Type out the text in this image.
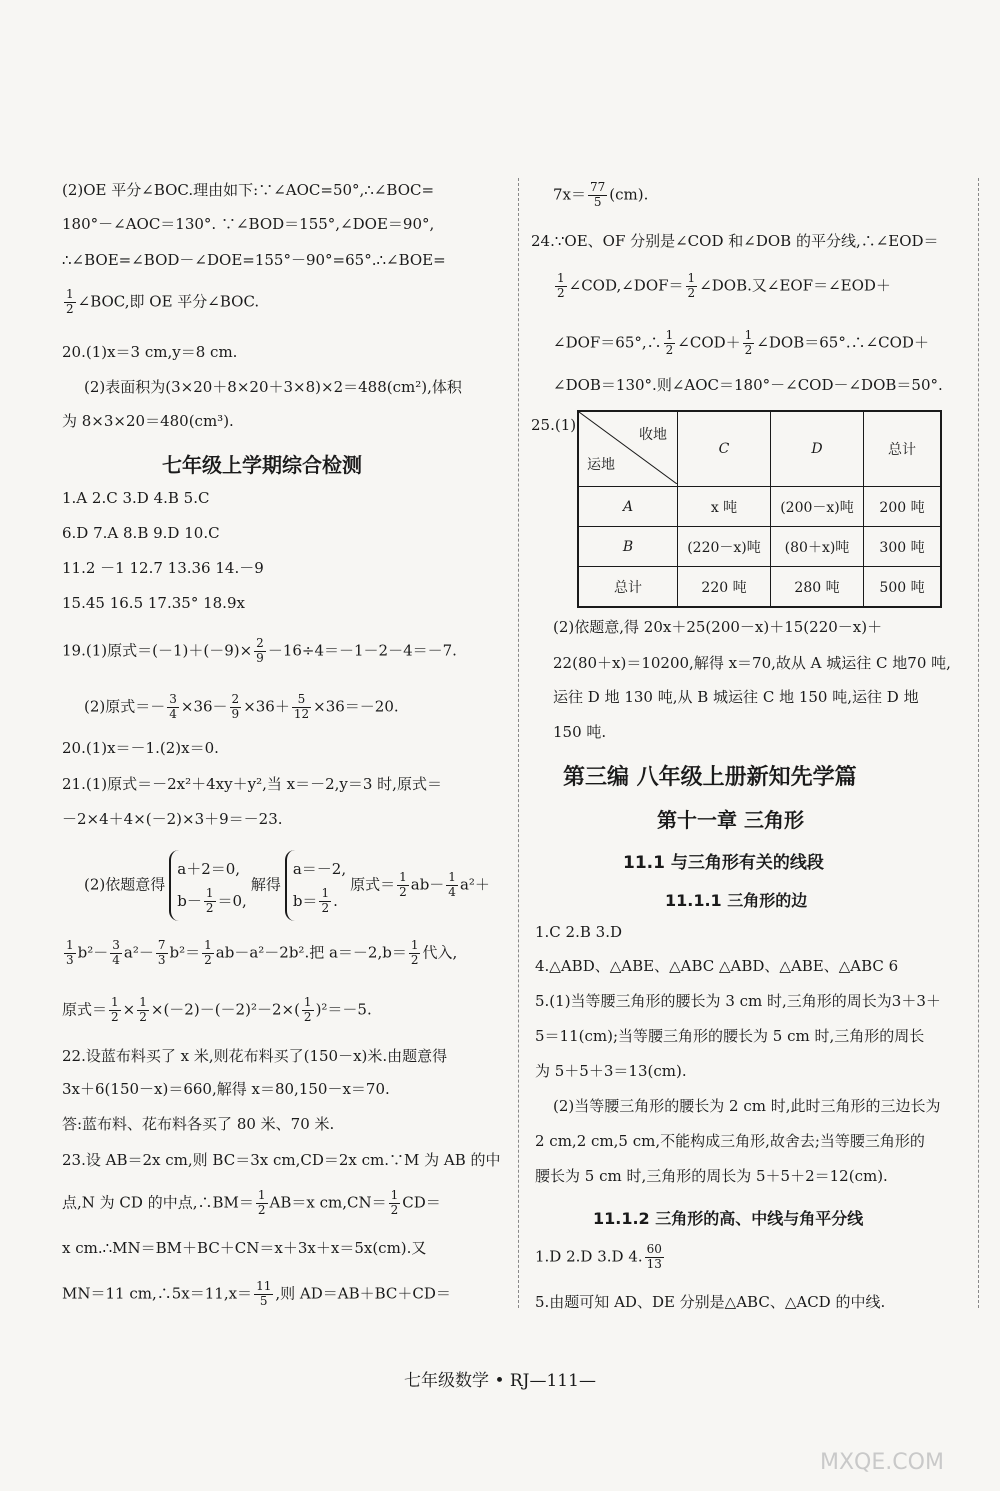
(2)OE 平分∠BOC.理由如下:∵∠AOC=50°,∴∠BOC=
180°－∠AOC＝130°. ∵∠BOD＝155°,∠DOE＝90°,
∴∠BOE=∠BOD－∠DOE=155°－90°=65°.∴∠BOE=
$\frac{1}{2}$ ∠BOC,即 OE 平分∠BOC.
20.(1)x＝3 cm,y＝8 cm.
(2)表面积为(3×20＋8×20＋3×8)×2＝488(cm²),体积
为 8×3×20＝480(cm³).
七年级上学期综合检测
1.A 2.C 3.D 4.B 5.C
6.D 7.A 8.B 9.D 10.C
11.2 －1 12.7 13.36 14.－9
15.45 16.5 17.35° 18.9x
19.(1)原式$=(-1)+(-9)\times \frac{2}{9} -16\div 4=-1-2-4=-7$.
(2)原式＝－ $\frac{3}{4} \times 36- \frac{2}{9} \times 36+ \frac{5}{12} \times 36=-20$.
20.(1)x＝－1.(2)x＝0.
21.(1)原式＝－2x²＋4xy＋y²,当 x＝－2,y＝3 时,原式＝
－2×4＋4×(－2)×3＋9＝－23.
(2)依题意得
a＋2＝0,
$b- \frac{1}{2} =0$,
解得
a＝－2,
$b= \frac{1}{2}$ .
原式＝ $\frac{1}{2} ab- \frac{1}{4} a^2+$
$\frac{1}{3} b^2- \frac{3}{4} a^2- \frac{7}{3} b^2= \frac{1}{2} ab-a^2-2b^2$.把 $a=-2,b= \frac{1}{2}$ 代入,
原式＝ $\frac{1}{2} \times \frac{1}{2} \times(-2)-(-2)^2-2\times( \frac{1}{2} )^2=-5$.
22.设蓝布料买了 x 米,则花布料买了(150－x)米.由题意得
3x＋6(150－x)＝660,解得 x＝80,150－x＝70.
答:蓝布料、花布料各买了 80 米、70 米.
23.设 AB＝2x cm,则 BC＝3x cm,CD＝2x cm.∵M 为 AB 的中
点,N 为 CD 的中点,∴BM＝ $\frac{1}{2} AB=x$ $cm,CN= \frac{1}{2} CD=$
x cm.∴MN＝BM＋BC＋CN＝x＋3x＋x＝5x(cm).又
MN＝11 cm,∴5x＝11,x＝ $\frac{11}{5}$ ,则 AD＝AB＋BC＋CD＝
$7x= \frac{77}{5} (cm)$.
24.∵OE、OF 分别是∠COD 和∠DOB 的平分线,∴∠EOD＝
$\frac{1}{2}$ ∠COD,∠DOF＝ $\frac{1}{2}$ ∠DOB.又∠EOF＝∠EOD＋
∠DOF＝65°,∴ $\frac{1}{2}$ ∠COD＋ $\frac{1}{2}$ ∠DOB＝65°.∴∠COD＋
∠DOB＝130°.则∠AOC＝180°－∠COD－∠DOB＝50°.
25.(1)
收地
运地	C	D	总计
A	x 吨	(200－x)吨	200 吨
B	(220－x)吨	(80＋x)吨	300 吨
总计	220 吨	280 吨	500 吨
(2)依题意,得 20x＋25(200－x)＋15(220－x)＋
22(80＋x)＝10200,解得 x＝70,故从 A 城运往 C 地70 吨,
运往 D 地 130 吨,从 B 城运往 C 地 150 吨,运往 D 地
150 吨.
第三编 八年级上册新知先学篇
第十一章 三角形
11.1 与三角形有关的线段
11.1.1 三角形的边
1.C 2.B 3.D
4.△ABD、△ABE、△ABC △ABD、△ABE、△ABC 6
5.(1)当等腰三角形的腰长为 3 cm 时,三角形的周长为3＋3＋
5＝11(cm);当等腰三角形的腰长为 5 cm 时,三角形的周长
为 5＋5＋3＝13(cm).
(2)当等腰三角形的腰长为 2 cm 时,此时三角形的三边长为
2 cm,2 cm,5 cm,不能构成三角形,故舍去;当等腰三角形的
腰长为 5 cm 时,三角形的周长为 5＋5＋2＝12(cm).
11.1.2 三角形的高、中线与角平分线
1.D 2.D 3.D 4. $\frac{60}{13}$
5.由题可知 AD、DE 分别是△ABC、△ACD 的中线.
七年级数学 • RJ—111—
MXQE.COM
